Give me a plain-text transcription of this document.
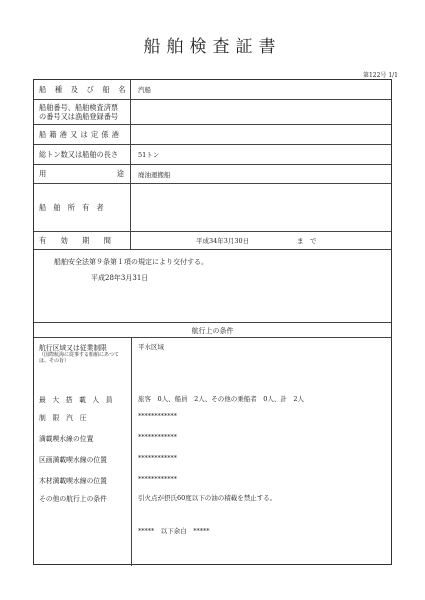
船舶検査証書
第122号 1/1
船 種 及 び 船 名	汽船
船舶番号、船舶検査済票
の番号又は漁船登録番号
船籍港又は定係港
総トン数又は船舶の長さ	51トン
用	途 廃油運搬船
船　舶　所　有　者
有　　効　　期　　間	平成34年3月30日	ま　で
船舶安全法第９条第１項の規定により交付する。
平成28年3月31日
航行上の条件
航行区域又は従業制限
（国際航海に従事する船舶にあつては、その旨）
平水区域
最 大 搭 載 人 員	旅客　0人、船員　2人、その他の乗船者　0人、計　2人
制　限　汽　圧	************
満載喫水線の位置	************
区画満載喫水線の位置	************
木材満載喫水線の位置	************
その他の航行上の条件	引火点が摂氏60度以下の油の積載を禁止する。
*****　以下余白　*****
